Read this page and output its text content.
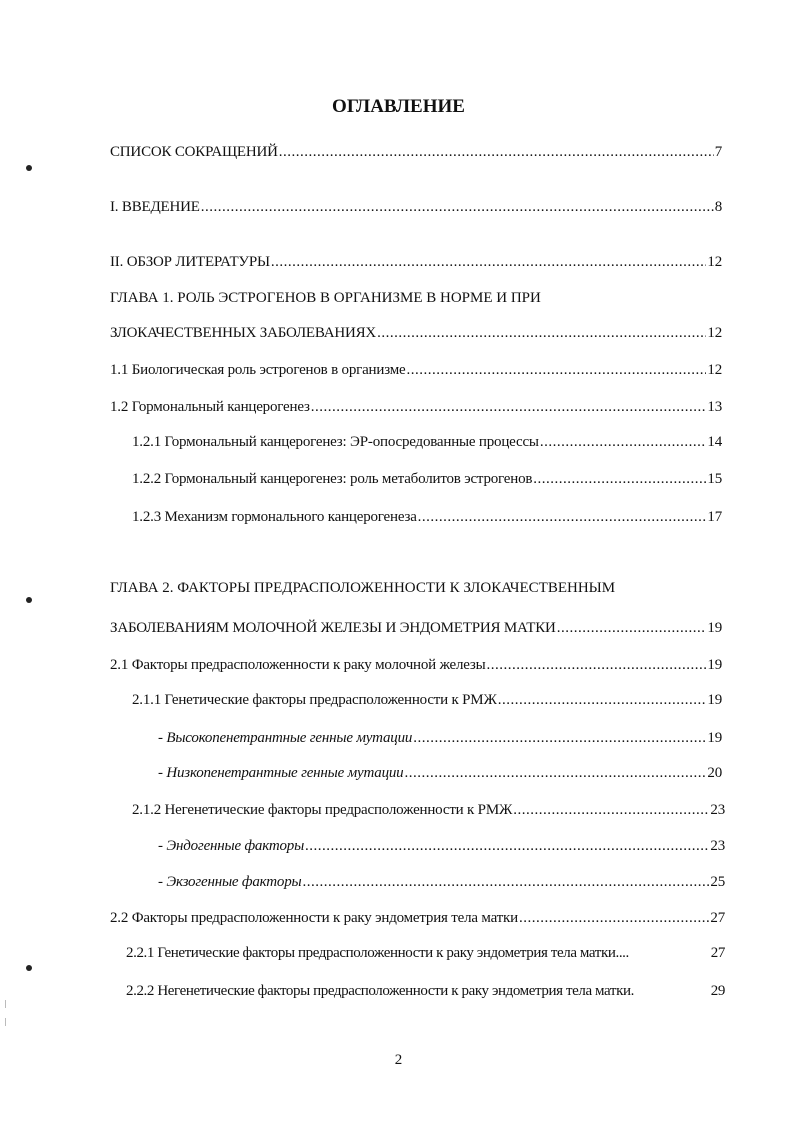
ОГЛАВЛЕНИЕ
СПИСОК СОКРАЩЕНИЙ .....	7
I. ВВЕДЕНИЕ .....	8
II. ОБЗОР ЛИТЕРАТУРЫ .....	12
ГЛАВА 1. РОЛЬ ЭСТРОГЕНОВ В ОРГАНИЗМЕ В НОРМЕ И ПРИ
ЗЛОКАЧЕСТВЕННЫХ ЗАБОЛЕВАНИЯХ .....	12
1.1 Биологическая роль эстрогенов в организме .....	12
1.2 Гормональный канцерогенез .....	13
1.2.1 Гормональный канцерогенез: ЭР-опосредованные процессы .....	14
1.2.2 Гормональный канцерогенез: роль метаболитов эстрогенов .....	15
1.2.3 Механизм гормонального канцерогенеза .....	17
ГЛАВА 2. ФАКТОРЫ ПРЕДРАСПОЛОЖЕННОСТИ К ЗЛОКАЧЕСТВЕННЫМ
ЗАБОЛЕВАНИЯМ МОЛОЧНОЙ ЖЕЛЕЗЫ И ЭНДОМЕТРИЯ МАТКИ .....	19
2.1 Факторы предрасположенности к раку молочной железы .....	19
2.1.1 Генетические факторы предрасположенности к РМЖ .....	19
- Высокопенетрантные генные мутации .....	19
- Низкопенетрантные генные мутации .....	20
2.1.2 Негенетические факторы предрасположенности к РМЖ .....	23
- Эндогенные факторы .....	23
- Экзогенные факторы .....	25
2.2 Факторы предрасположенности к раку эндометрия тела матки .....	27
2.2.1 Генетические факторы предрасположенности к раку эндометрия тела матки....	27
2.2.2 Негенетические факторы предрасположенности к раку эндометрия тела матки.	29
2
